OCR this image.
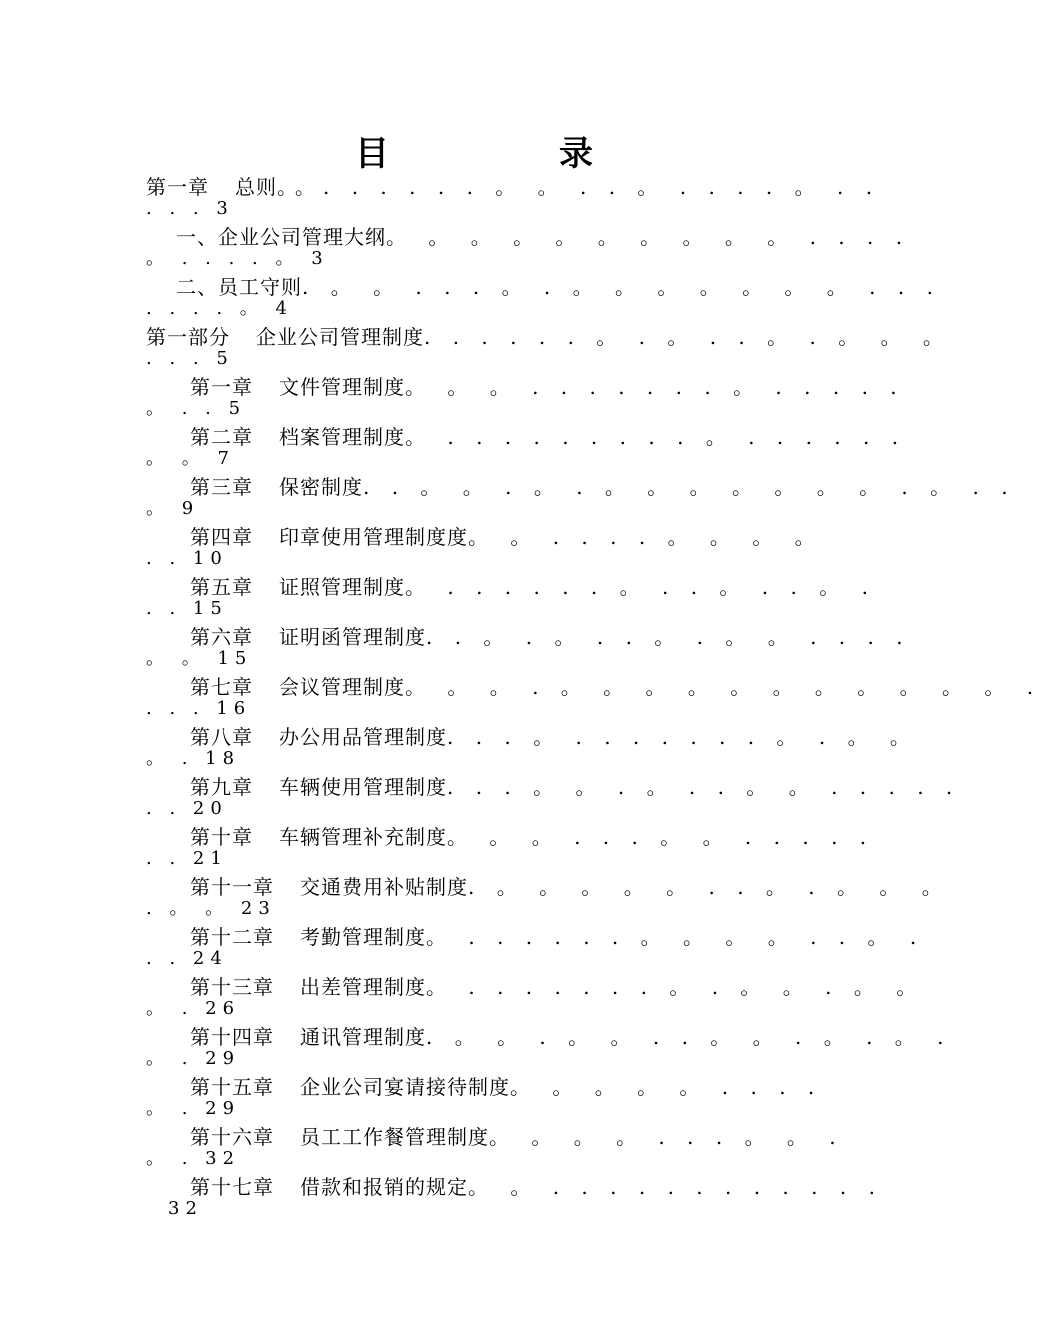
目	录
第一章 总则。。. . . . . . 。 。 . . 。 . . . . 。 . .
. . . 3
一、企业公司管理大纲。 。 。 。 。 。 。 。 。 。 . . . .
。 . . . . 。 3
二、员工守则. 。 。 . . . 。 . 。 。 。 。 。 。 。 . . .
. . . . 。 4
第一部分 企业公司管理制度. . . . . . 。 . 。 . . 。 . 。 。 。
. . . 5
第一章 文件管理制度。 。 。 . . . . . . . 。 . . . . .
。 . . 5
第二章 档案管理制度。 . . . . . . . . . 。 . . . . . .
。 。 7
第三章 保密制度. . 。 。 . 。 . 。 。 。 。 。 。 。 . 。 . .
。 9
第四章 印章使用管理制度度。 。 . . . . 。 。 。 。
. . 10
第五章 证照管理制度。 . . . . . . 。 . . 。 . . 。 .
. . 15
第六章 证明函管理制度. . 。 . 。 . . 。 . 。 。 . . . .
。 。 15
第七章 会议管理制度。 。 。 . 。 。 。 。 。 。 。 。 。 。 。 .
. . . 16
第八章 办公用品管理制度. . . 。 . . . . . . . 。 . 。 。
。 . 18
第九章 车辆使用管理制度. . . 。 。 . 。 . . 。 。 . . . . .
. . 20
第十章 车辆管理补充制度。 。 。 . . . 。 。 . . . . .
. . 21
第十一章 交通费用补贴制度. 。 。 。 。 。 . . 。 . 。 。 。
. 。 。 23
第十二章 考勤管理制度。 . . . . . . 。 。 。 。 . . 。 .
. . 24
第十三章 出差管理制度。 . . . . . . . 。 . 。 。 . 。 。
。 . 26
第十四章 通讯管理制度. 。 。 . 。 。 . . 。 。 . 。 . 。 .
。 . 29
第十五章 企业公司宴请接待制度。 。 。 。 。 . . . .
。 . 29
第十六章 员工工作餐管理制度。 。 。 。 . . . 。 。 .
。 . 32
第十七章 借款和报销的规定。 。 . . . . . . . . . . . .
32
